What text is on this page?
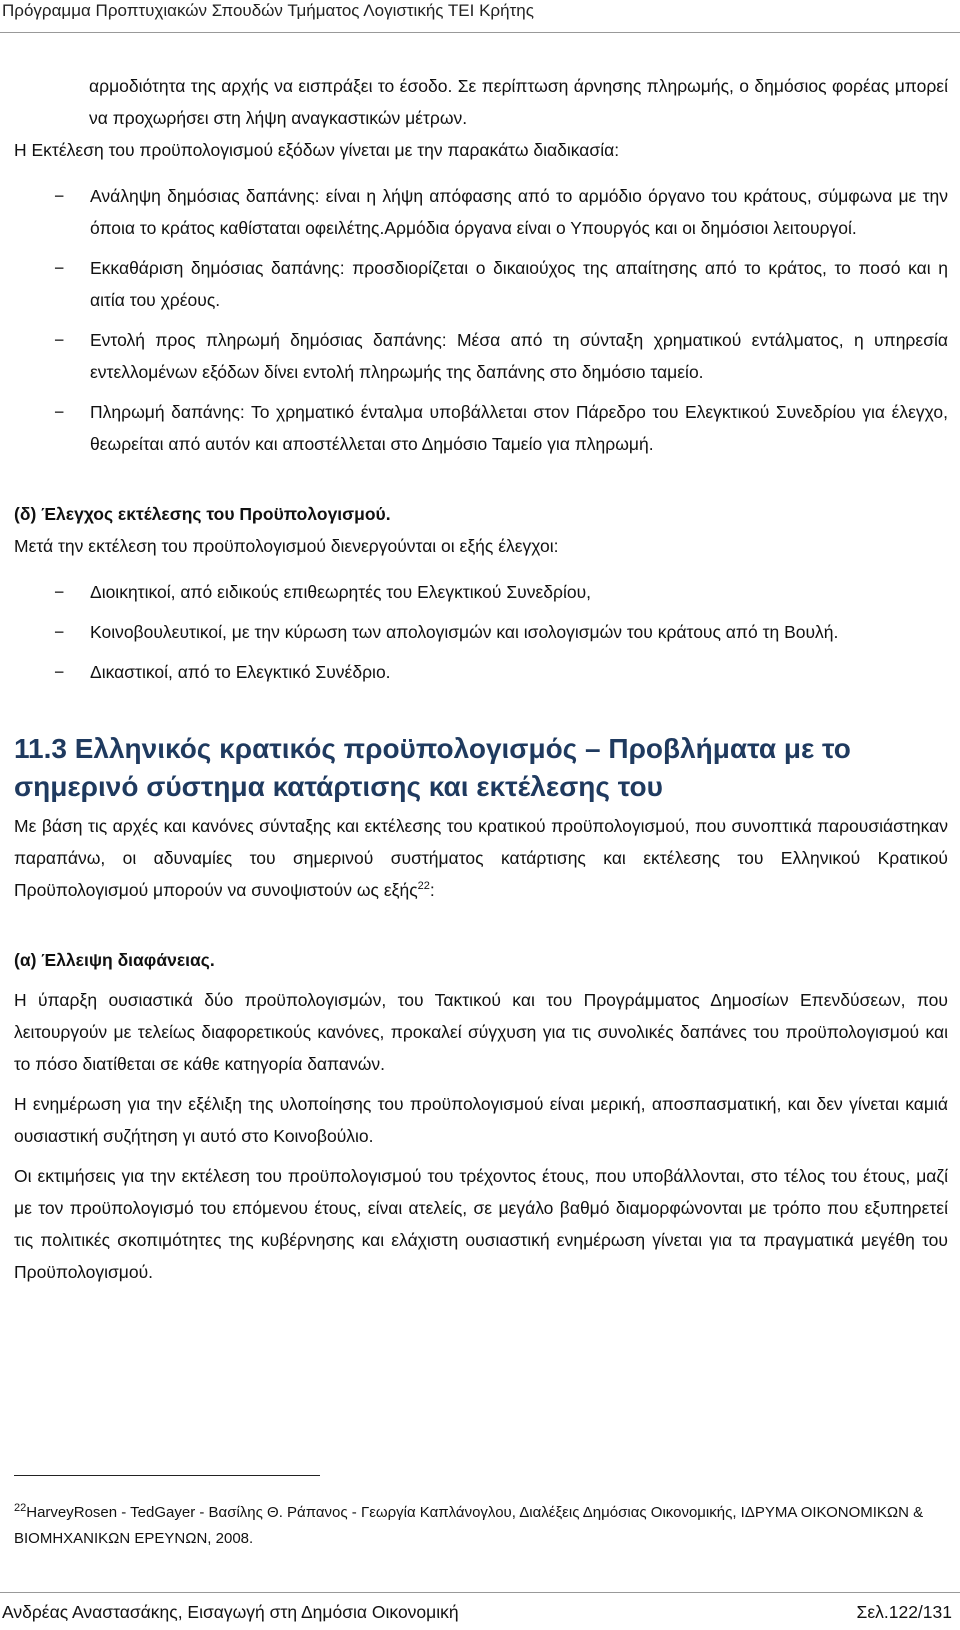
Πρόγραμμα Προπτυχιακών Σπουδών Τμήματος Λογιστικής ΤΕΙ Κρήτης

αρμοδιότητα της αρχής να εισπράξει το έσοδο. Σε περίπτωση άρνησης πληρωμής, ο δημόσιος φορέας μπορεί να προχωρήσει στη λήψη αναγκαστικών μέτρων.

Η Εκτέλεση του προϋπολογισμού εξόδων γίνεται με την παρακάτω διαδικασία:

− Ανάληψη δημόσιας δαπάνης: είναι η λήψη απόφασης από το αρμόδιο όργανο του κράτους, σύμφωνα με την όποια το κράτος καθίσταται οφειλέτης.Αρμόδια όργανα είναι ο Υπουργός και οι δημόσιοι λειτουργοί.
− Εκκαθάριση δημόσιας δαπάνης: προσδιορίζεται ο δικαιούχος της απαίτησης από το κράτος, το ποσό και η αιτία του χρέους.
− Εντολή προς πληρωμή δημόσιας δαπάνης: Μέσα από τη σύνταξη χρηματικού εντάλματος, η υπηρεσία εντελλομένων εξόδων δίνει εντολή πληρωμής της δαπάνης στο δημόσιο ταμείο.
− Πληρωμή δαπάνης: Το χρηματικό ένταλμα υποβάλλεται στον Πάρεδρο του Ελεγκτικού Συνεδρίου για έλεγχο, θεωρείται από αυτόν και αποστέλλεται στο Δημόσιο Ταμείο για πληρωμή.

(δ) Έλεγχος εκτέλεσης του Προϋπολογισμού.

Μετά την εκτέλεση του προϋπολογισμού διενεργούνται οι εξής έλεγχοι:

− Διοικητικοί, από ειδικούς επιθεωρητές του Ελεγκτικού Συνεδρίου,
− Κοινοβουλευτικοί, με την κύρωση των απολογισμών και ισολογισμών του κράτους από τη Βουλή.
− Δικαστικοί, από το Ελεγκτικό Συνέδριο.
11.3 Ελληνικός κρατικός προϋπολογισμός – Προβλήματα με το σημερινό σύστημα κατάρτισης και εκτέλεσης του

Με βάση τις αρχές και κανόνες σύνταξης και εκτέλεσης του κρατικού προϋπολογισμού, που συνοπτικά παρουσιάστηκαν παραπάνω, οι αδυναμίες του σημερινού συστήματος κατάρτισης και εκτέλεσης του Ελληνικού Κρατικού Προϋπολογισμού μπορούν να συνοψιστούν ως εξής$^{22}$:

(α) Έλλειψη διαφάνειας.

Η ύπαρξη ουσιαστικά δύο προϋπολογισμών, του Τακτικού και του Προγράμματος Δημοσίων Επενδύσεων, που λειτουργούν με τελείως διαφορετικούς κανόνες, προκαλεί σύγχυση για τις συνολικές δαπάνες του προϋπολογισμού και το πόσο διατίθεται σε κάθε κατηγορία δαπανών.

Η ενημέρωση για την εξέλιξη της υλοποίησης του προϋπολογισμού είναι μερική, αποσπασματική, και δεν γίνεται καμιά ουσιαστική συζήτηση γι αυτό στο Κοινοβούλιο.

Οι εκτιμήσεις για την εκτέλεση του προϋπολογισμού του τρέχοντος έτους, που υποβάλλονται, στο τέλος του έτους, μαζί με τον προϋπολογισμό του επόμενου έτους, είναι ατελείς, σε μεγάλο βαθμό διαμορφώνονται με τρόπο που εξυπηρετεί τις πολιτικές σκοπιμότητες της κυβέρνησης και ελάχιστη ουσιαστική ενημέρωση γίνεται για τα πραγματικά μεγέθη του Προϋπολογισμού.

$^{22}$HarveyRosen - TedGayer - Βασίλης Θ. Ράπανος - Γεωργία Καπλάνογλου, Διαλέξεις Δημόσιας Οικονομικής, ΙΔΡΥΜΑ ΟΙΚΟΝΟΜΙΚΩΝ & ΒΙΟΜΗΧΑΝΙΚΩΝ ΕΡΕΥΝΩΝ, 2008.
Ανδρέας Αναστασάκης, Εισαγωγή στη Δημόσια Οικονομική	Σελ.122/131
